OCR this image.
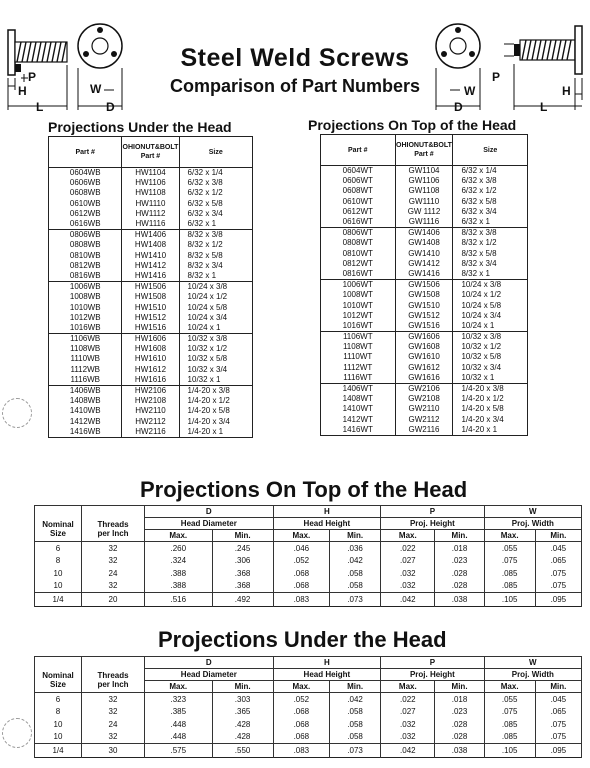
P
H
L
W
D
W
D
P
H
L
Steel Weld Screws
Comparison of Part Numbers
Projections Under the Head	Projections On Top of the Head
Part #	OHIONUT&BOLT
Part #	Size
0604WB	HW1104	6/32 x 1/4
0606WB	HW1106	6/32 x 3/8
0608WB	HW1108	6/32 x 1/2
0610WB	HW1110	6/32 x 5/8
0612WB	HW1112	6/32 x 3/4
0616WB	HW1116	6/32 x 1
0806WB	HW1406	8/32 x 3/8
0808WB	HW1408	8/32 x 1/2
0810WB	HW1410	8/32 x 5/8
0812WB	HW1412	8/32 x 3/4
0816WB	HW1416	8/32 x 1
1006WB	HW1506	10/24 x 3/8
1008WB	HW1508	10/24 x 1/2
1010WB	HW1510	10/24 x 5/8
1012WB	HW1512	10/24 x 3/4
1016WB	HW1516	10/24 x 1
1106WB	HW1606	10/32 x 3/8
1108WB	HW1608	10/32 x 1/2
1110WB	HW1610	10/32 x 5/8
1112WB	HW1612	10/32 x 3/4
1116WB	HW1616	10/32 x 1
1406WB	HW2106	1/4-20 x 3/8
1408WB	HW2108	1/4-20 x 1/2
1410WB	HW2110	1/4-20 x 5/8
1412WB	HW2112	1/4-20 x 3/4
1416WB	HW2116	1/4-20 x 1
Part #	OHIONUT&BOLT
Part #	Size
0604WT	GW1104	6/32 x 1/4
0606WT	GW1106	6/32 x 3/8
0608WT	GW1108	6/32 x 1/2
0610WT	GW1110	6/32 x 5/8
0612WT	GW 1112	6/32 x 3/4
0616WT	GW1116	6/32 x 1
0806WT	GW1406	8/32 x 3/8
0808WT	GW1408	8/32 x 1/2
0810WT	GW1410	8/32 x 5/8
0812WT	GW1412	8/32 x 3/4
0816WT	GW1416	8/32 x 1
1006WT	GW1506	10/24 x 3/8
1008WT	GW1508	10/24 x 1/2
1010WT	GW1510	10/24 x 5/8
1012WT	GW1512	10/24 x 3/4
1016WT	GW1516	10/24 x 1
1106WT	GW1606	10/32 x 3/8
1108WT	GW1608	10/32 x 1/2
1110WT	GW1610	10/32 x 5/8
1112WT	GW1612	10/32 x 3/4
1116WT	GW1616	10/32 x 1
1406WT	GW2106	1/4-20 x 3/8
1408WT	GW2108	1/4-20 x 1/2
1410WT	GW2110	1/4-20 x 5/8
1412WT	GW2112	1/4-20 x 3/4
1416WT	GW2116	1/4-20 x 1
Projections On Top of the Head
Projections Under the Head
		D		H		P		W	
Nominal
Size	Threads
per Inch	Head Diameter		Head Height		Proj. Height		Proj. Width	
		Max.	Min.	Max.	Min.	Max.	Min.	Max.	Min.
6	32	.260	.245	.046	.036	.022	.018	.055	.045
8	32	.324	.306	.052	.042	.027	.023	.075	.065
10	24	.388	.368	.068	.058	.032	.028	.085	.075
10	32	.388	.368	.068	.058	.032	.028	.085	.075
1/4	20	.516	.492	.083	.073	.042	.038	.105	.095
		D		H		P		W	
Nominal
Size	Threads
per Inch	Head Diameter		Head Height		Proj. Height		Proj. Width	
		Max.	Min.	Max.	Min.	Max.	Min.	Max.	Min.
6	32	.323	.303	.052	.042	.022	.018	.055	.045
8	32	.385	.365	.068	.058	.027	.023	.075	.065
10	24	.448	.428	.068	.058	.032	.028	.085	.075
10	32	.448	.428	.068	.058	.032	.028	.085	.075
1/4	30	.575	.550	.083	.073	.042	.038	.105	.095
